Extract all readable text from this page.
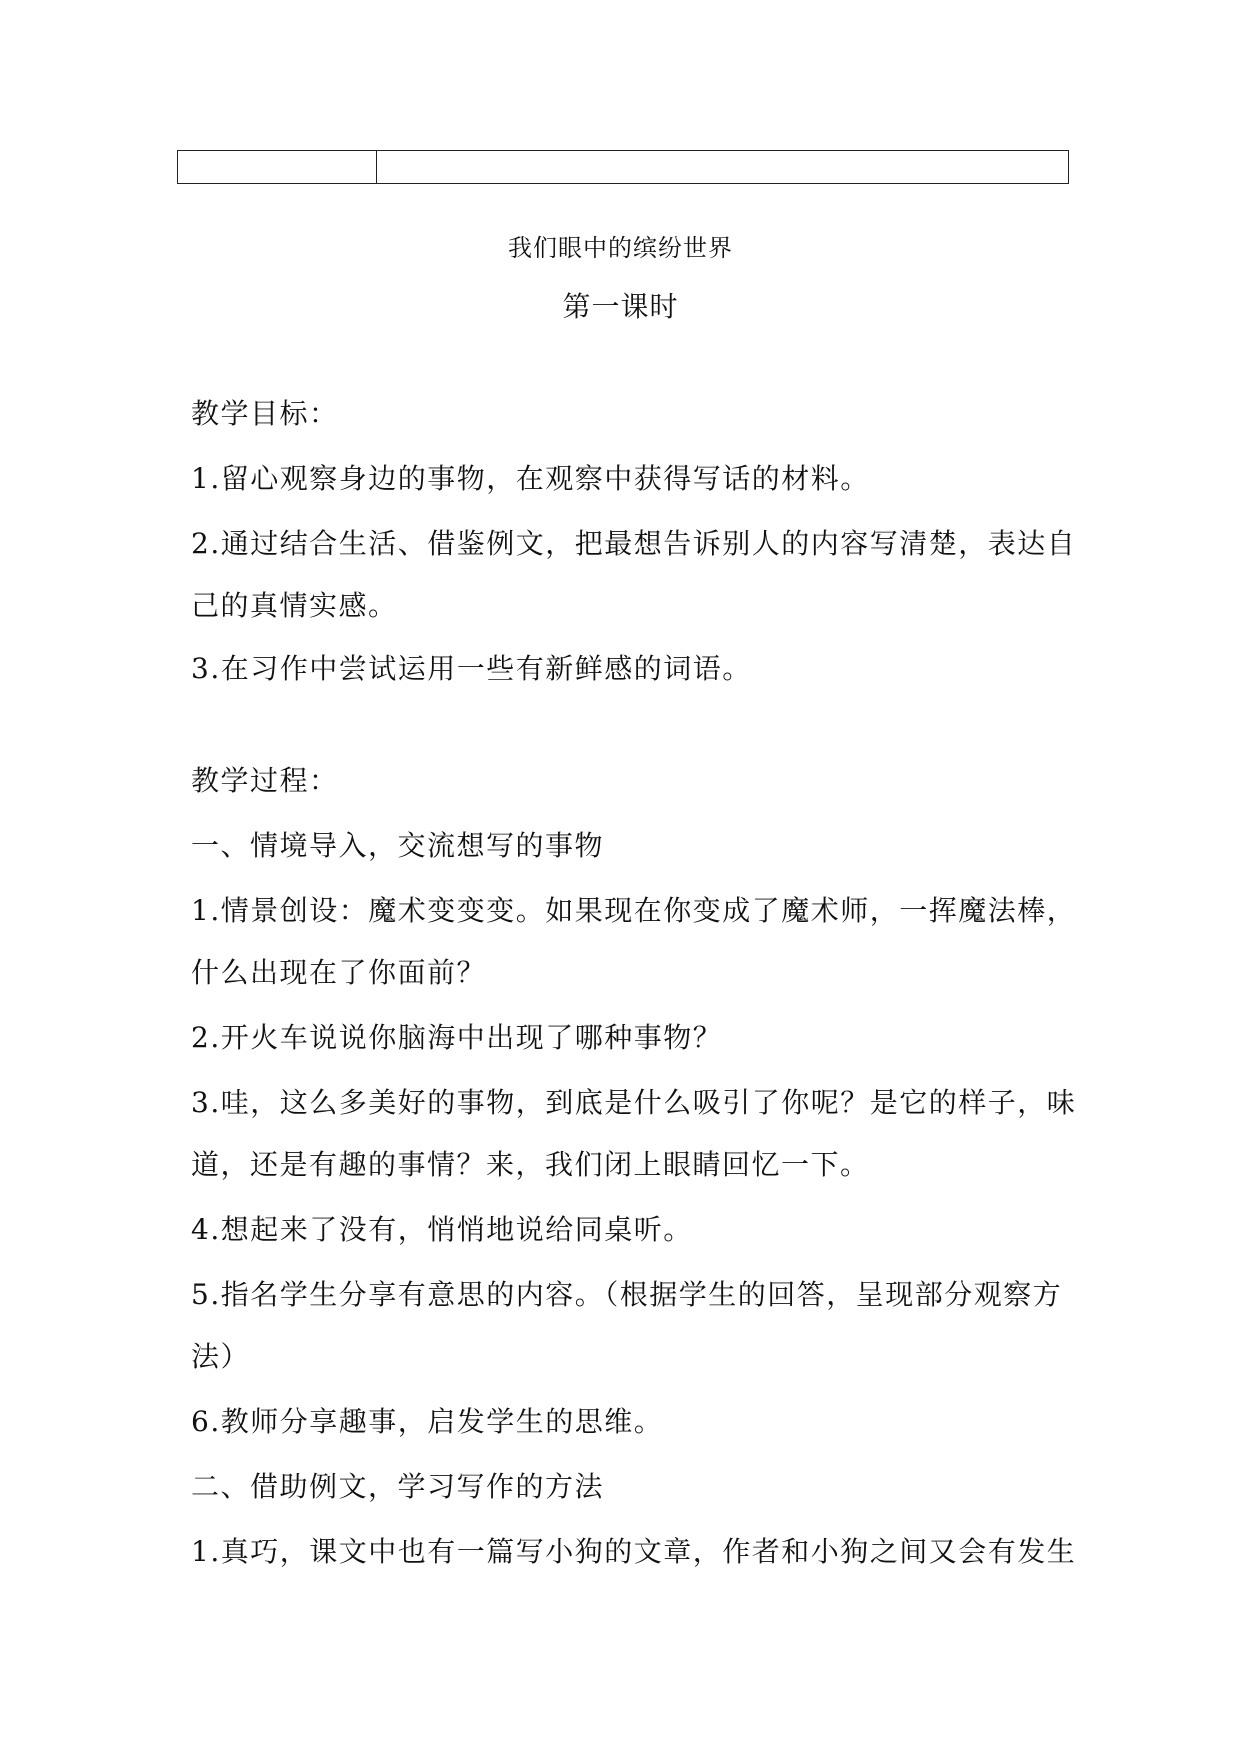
我们眼中的缤纷世界
第一课时
教学目标：
1.留心观察身边的事物，在观察中获得写话的材料。
2.通过结合生活、借鉴例文，把最想告诉别人的内容写清楚，表达自
己的真情实感。
3.在习作中尝试运用一些有新鲜感的词语。
教学过程：
一、情境导入，交流想写的事物
1.情景创设：魔术变变变。如果现在你变成了魔术师，一挥魔法棒，
什么出现在了你面前？
2.开火车说说你脑海中出现了哪种事物？
3.哇，这么多美好的事物，到底是什么吸引了你呢？是它的样子，味
道，还是有趣的事情？来，我们闭上眼睛回忆一下。
4.想起来了没有，悄悄地说给同桌听。
5.指名学生分享有意思的内容。（根据学生的回答，呈现部分观察方
法）
6.教师分享趣事，启发学生的思维。
二、借助例文，学习写作的方法
1.真巧，课文中也有一篇写小狗的文章，作者和小狗之间又会有发生
